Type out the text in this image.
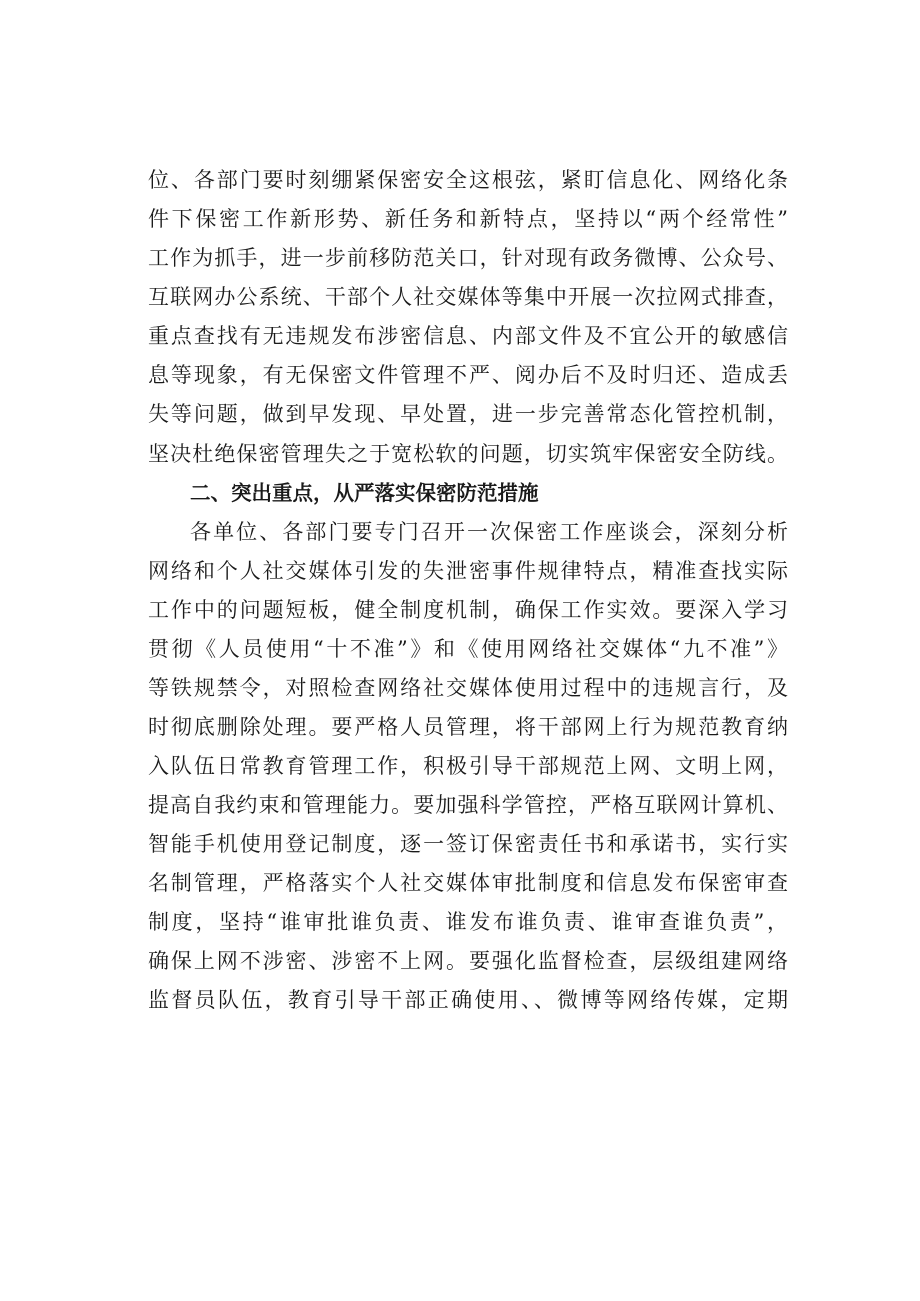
位、各部门要时刻绷紧保密安全这根弦，紧盯信息化、网络化条
件下保密工作新形势、新任务和新特点，坚持以“两个经常性”
工作为抓手，进一步前移防范关口，针对现有政务微博、公众号、
互联网办公系统、干部个人社交媒体等集中开展一次拉网式排查，
重点查找有无违规发布涉密信息、内部文件及不宜公开的敏感信
息等现象，有无保密文件管理不严、阅办后不及时归还、造成丢
失等问题，做到早发现、早处置，进一步完善常态化管控机制，
坚决杜绝保密管理失之于宽松软的问题，切实筑牢保密安全防线。
二、突出重点，从严落实保密防范措施
各单位、各部门要专门召开一次保密工作座谈会，深刻分析
网络和个人社交媒体引发的失泄密事件规律特点，精准查找实际
工作中的问题短板，健全制度机制，确保工作实效。要深入学习
贯彻《人员使用“十不准”》和《使用网络社交媒体“九不准”》
等铁规禁令，对照检查网络社交媒体使用过程中的违规言行，及
时彻底删除处理。要严格人员管理，将干部网上行为规范教育纳
入队伍日常教育管理工作，积极引导干部规范上网、文明上网，
提高自我约束和管理能力。要加强科学管控，严格互联网计算机、
智能手机使用登记制度，逐一签订保密责任书和承诺书，实行实
名制管理，严格落实个人社交媒体审批制度和信息发布保密审查
制度，坚持“谁审批谁负责、谁发布谁负责、谁审查谁负责”，
确保上网不涉密、涉密不上网。要强化监督检查，层级组建网络
监督员队伍，教育引导干部正确使用、、微博等网络传媒，定期
